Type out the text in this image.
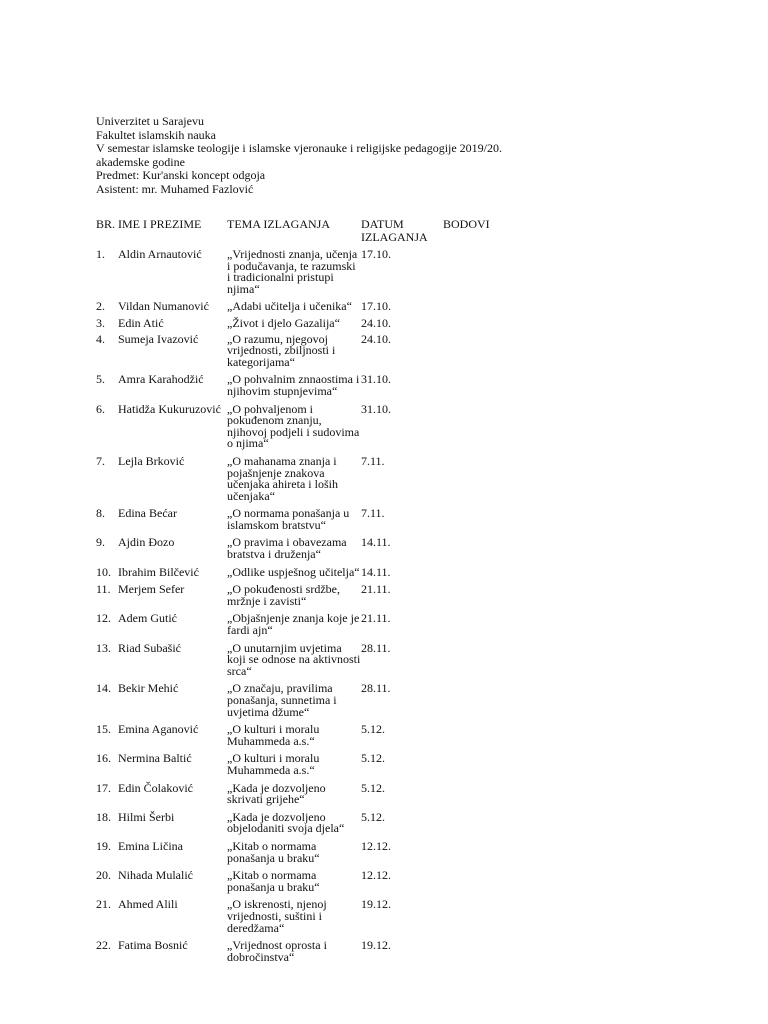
Univerzitet u Sarajevu
Fakultet islamskih nauka
V semestar islamske teologije i islamske vjeronauke i religijske pedagogije 2019/20.
akademske godine
Predmet: Kur'anski koncept odgoja
Asistent: mr. Muhamed Fazlović
BR.	IME I PREZIME	TEMA IZLAGANJA	DATUM IZLAGANJA	BODOVI
1.	Aldin Arnautović	„Vrijednosti znanja, učenja i podučavanja, te razumski i tradicionalni pristupi njima“	17.10.	
2.	Vildan Numanović	„Adabi učitelja i učenika“	17.10.	
3.	Edin Atić	„Život i djelo Gazalija“	24.10.	
4.	Sumeja Ivazović	„O razumu, njegovoj vrijednosti, zbiljnosti i kategorijama“	24.10.	
5.	Amra Karahodžić	„O pohvalnim znnaostima i njihovim stupnjevima“	31.10.	
6.	Hatidža Kukuruzović	„O pohvaljenom i pokuđenom znanju, njihovoj podjeli i sudovima o njima“	31.10.	
7.	Lejla Brković	„O mahanama znanja i pojašnjenje znakova učenjaka ahireta i loših učenjaka“	7.11.	
8.	Edina Bećar	„O normama ponašanja u islamskom bratstvu“	7.11.	
9.	Ajdin Đozo	„O pravima i obavezama bratstva i druženja“	14.11.	
10.	Ibrahim Bilčević	„Odlike uspješnog učitelja“	14.11.	
11.	Merjem Sefer	„O pokuđenosti srdžbe, mržnje i zavisti“	21.11.	
12.	Adem Gutić	„Objašnjenje znanja koje je fardi ajn“	21.11.	
13.	Riad Subašić	„O unutarnjim uvjetima koji se odnose na aktivnosti srca“	28.11.	
14.	Bekir Mehić	„O značaju, pravilima ponašanja, sunnetima i uvjetima džume“	28.11.	
15.	Emina Aganović	„O kulturi i moralu Muhammeda a.s.“	5.12.	
16.	Nermina Baltić	„O kulturi i moralu Muhammeda a.s.“	5.12.	
17.	Edin Čolaković	„Kada je dozvoljeno skrivati grijehe“	5.12.	
18.	Hilmi Šerbi	„Kada je dozvoljeno objelodaniti svoja djela“	5.12.	
19.	Emina Ličina	„Kitab o normama ponašanja u braku“	12.12.	
20.	Nihada Mulalić	„Kitab o normama ponašanja u braku“	12.12.	
21.	Ahmed Alili	„O iskrenosti, njenoj vrijednosti, suštini i deredžama“	19.12.	
22.	Fatima Bosnić	„Vrijednost oprosta i dobročinstva“	19.12.	
